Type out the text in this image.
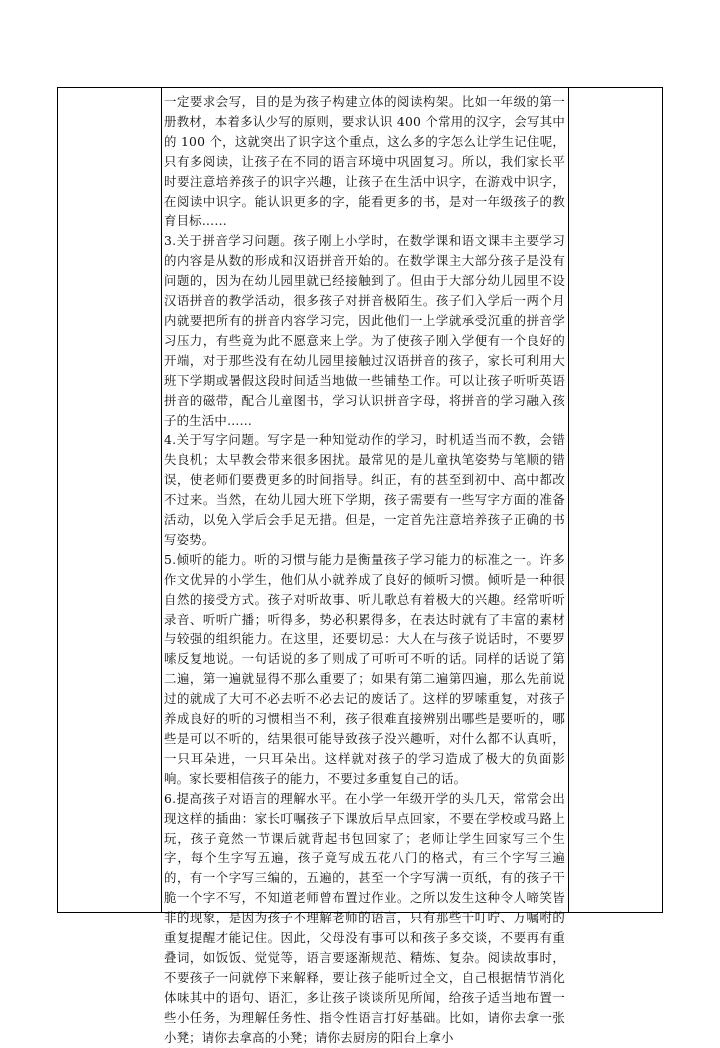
一定要求会写，目的是为孩子构建立体的阅读构架。比如一年级的第一册教材，本着多认少写的原则，要求认识 400 个常用的汉字，会写其中的 100 个，这就突出了识字这个重点，这么多的字怎么让学生记住呢，只有多阅读，让孩子在不同的语言环境中巩固复习。所以，我们家长平时要注意培养孩子的识字兴趣，让孩子在生活中识字，在游戏中识字，在阅读中识字。能认识更多的字，能看更多的书，是对一年级孩子的教育目标……

3.关于拼音学习问题。孩子刚上小学时，在数学课和语文课丰主要学习的内容是从数的形成和汉语拼音开始的。在数学课主大部分孩子是没有问题的，因为在幼儿园里就已经接触到了。但由于大部分幼儿园里不设汉语拼音的教学活动，很多孩子对拼音极陌生。孩子们入学后一两个月内就要把所有的拼音内容学习完，因此他们一上学就承受沉重的拼音学习压力，有些竟为此不愿意来上学。为了使孩子刚入学便有一个良好的开端，对于那些没有在幼儿园里接触过汉语拼音的孩子，家长可利用大班下学期或暑假这段时间适当地做一些铺垫工作。可以让孩子听听英语拼音的磁带，配合儿童图书，学习认识拼音字母，将拼音的学习融入孩子的生活中……

4.关于写字问题。写字是一种知觉动作的学习，时机适当而不教，会错失良机；太早教会带来很多困扰。最常见的是儿童执笔姿势与笔顺的错误，使老师们要费更多的时间指导。纠正，有的甚至到初中、高中都改不过来。当然，在幼儿园大班下学期，孩子需要有一些写字方面的准备活动，以免入学后会手足无措。但是，一定首先注意培养孩子正确的书写姿势。

5.倾听的能力。听的习惯与能力是衡量孩子学习能力的标准之一。许多作文优异的小学生，他们从小就养成了良好的倾听习惯。倾听是一种很自然的接受方式。孩子对听故事、听儿歌总有着极大的兴趣。经常听听录音、听听广播；听得多，势必积累得多，在表达时就有了丰富的素材与较强的组织能力。在这里，还要切忌：大人在与孩子说话时，不要罗嗦反复地说。一句话说的多了则成了可听可不听的话。同样的话说了第二遍，第一遍就显得不那么重要了；如果有第二遍第四遍，那么先前说过的就成了大可不必去听不必去记的废话了。这样的罗嗦重复，对孩子养成良好的听的习惯相当不利，孩子很难直接辨别出哪些是要听的，哪些是可以不听的，结果很可能导致孩子没兴趣听，对什么都不认真听，一只耳朵进，一只耳朵出。这样就对孩子的学习造成了极大的负面影响。家长要相信孩子的能力，不要过多重复自己的话。

6.提高孩子对语言的理解水平。在小学一年级开学的头几天，常常会出现这样的插曲：家长叮嘱孩子下课放后早点回家，不要在学校或马路上玩，孩子竟然一节课后就背起书包回家了；老师让学生回家写三个生字，每个生字写五遍，孩子竟写成五花八门的格式，有三个字写三遍的，有一个字写三编的，五遍的，甚至一个字写满一页纸，有的孩子干脆一个字不写，不知道老师曾布置过作业。之所以发生这种令人啼笑皆非的现象，是因为孩子不理解老师的语言，只有那些千叮咛、万嘱咐的重复提醒才能记住。因此，父母没有事可以和孩子多交谈，不要再有重叠词，如饭饭、觉觉等，语言要逐渐规范、精炼、复杂。阅读故事时，不要孩子一问就停下来解释，要让孩子能听过全文，自己根据情节消化体味其中的语句、语汇，多让孩子谈谈所见所闻，给孩子适当地布置一些小任务，为理解任务性、指令性语言打好基础。比如，请你去拿一张小凳；请你去拿高的小凳；请你去厨房的阳台上拿小
